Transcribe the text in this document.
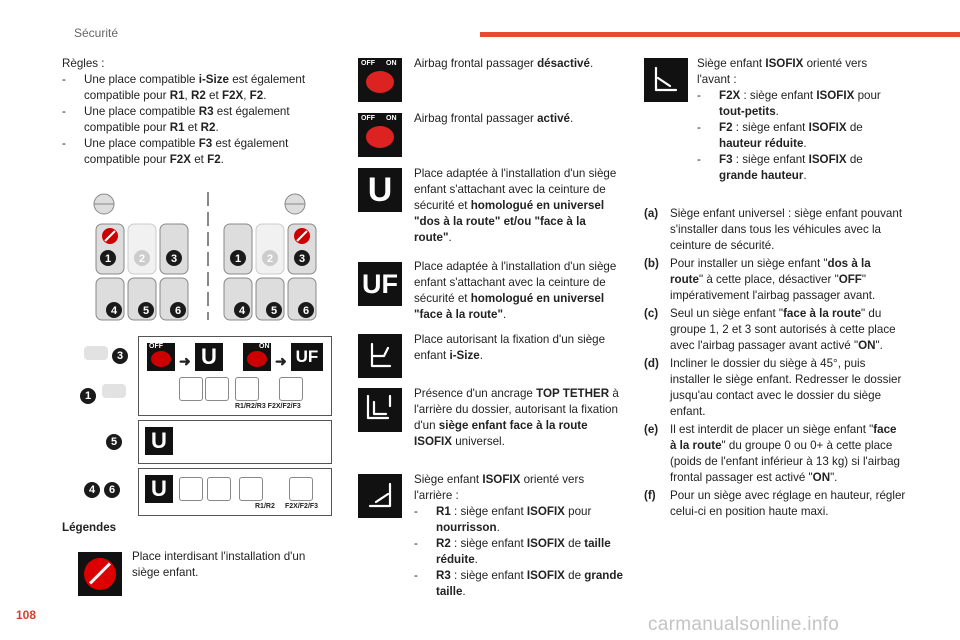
Sécurité
108	carmanualsonline.info
Règles :
-	Une place compatible i-Size est également compatible pour R1, R2 et F2X, F2.
-	Une place compatible R3 est également compatible pour R1 et R2.
-	Une place compatible F3 est également compatible pour F2X et F2.
1	2 3	1 2 3
4 5 6	4 5 6
3
1
5
4	6
OFF
➜ U	ON
➜ UF
R1/R2/R3 F2X/F2/F3
U
U
R1/R2 F2X/F2/F3
Légendes
Place interdisant l'installation d'un siège enfant.
OFF ON Airbag frontal passager désactivé.
OFF ON Airbag frontal passager activé.
U	Place adaptée à l'installation d'un siège enfant s'attachant avec la ceinture de sécurité et homologué en universel "dos à la route" et/ou "face à la route".
UF
Place adaptée à l'installation d'un siège enfant s'attachant avec la ceinture de sécurité et homologué en universel "face à la route".
Place autorisant la fixation d'un siège enfant i-Size.
Présence d'un ancrage TOP TETHER à l'arrière du dossier, autorisant la fixation d'un siège enfant face à la route ISOFIX universel.
Siège enfant ISOFIX orienté vers l'arrière :
-	R1 : siège enfant ISOFIX pour nourrisson.
-	R2 : siège enfant ISOFIX de taille réduite.
-	R3 : siège enfant ISOFIX de grande taille.
Siège enfant ISOFIX orienté vers l'avant :
-	F2X : siège enfant ISOFIX pour tout-petits.
-	F2 : siège enfant ISOFIX de hauteur réduite.
-	F3 : siège enfant ISOFIX de grande hauteur.
(a)	Siège enfant universel : siège enfant pouvant s'installer dans tous les véhicules avec la ceinture de sécurité.
(b) Pour installer un siège enfant "dos à la route" à cette place, désactiver "OFF" impérativement l'airbag passager avant.
(c)	Seul un siège enfant "face à la route" du groupe 1, 2 et 3 sont autorisés à cette place avec l'airbag passager avant activé "ON".
(d) Incliner le dossier du siège à 45°, puis installer le siège enfant. Redresser le dossier jusqu'au contact avec le dossier du siège enfant.
(e)	Il est interdit de placer un siège enfant "face à la route" du groupe 0 ou 0+ à cette place (poids de l'enfant inférieur à 13 kg) si l'airbag frontal passager est activé "ON".
(f)	Pour un siège avec réglage en hauteur, régler celui-ci en position haute maxi.
